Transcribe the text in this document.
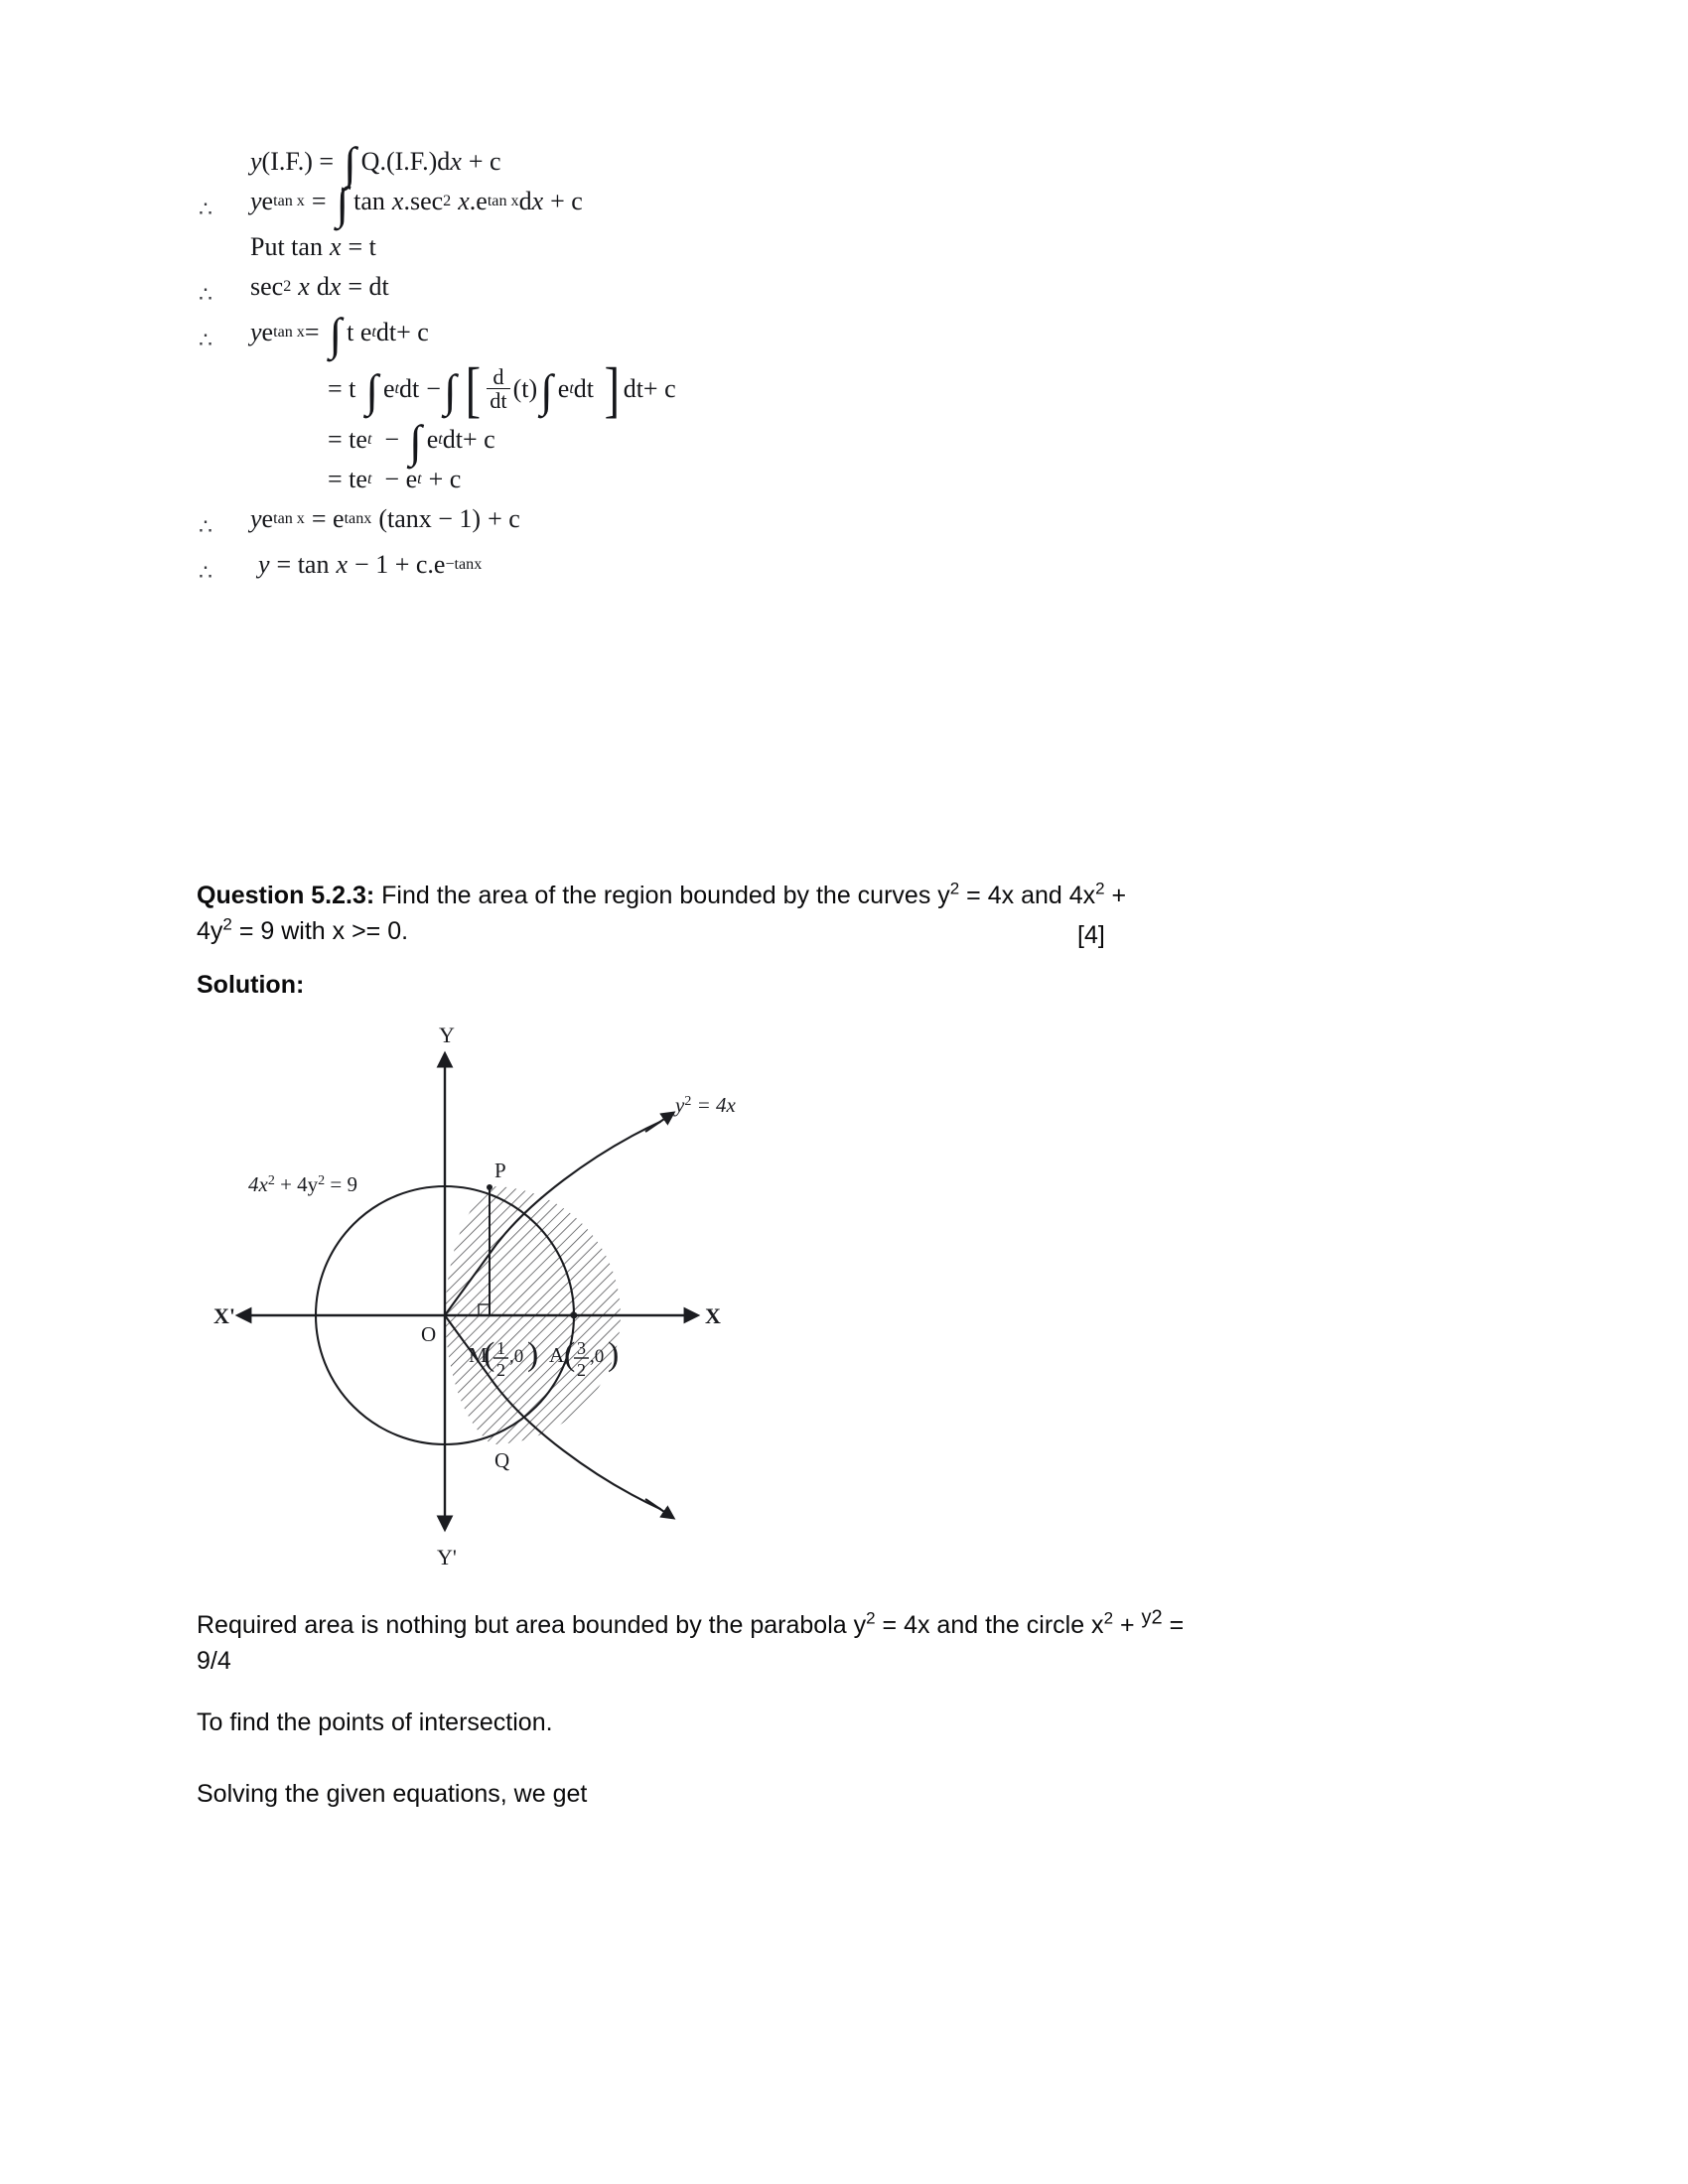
y (I.F.) = ∫ Q.(I.F.)d x + c
∴	y e tan x = ∫ tan x .sec 2 x .e tan x d x + c
Put tan x = t
∴	sec 2 x d x = dt
∴	y e tan x = ∫ t e t dt + c
= t ∫ e t dt − ∫ [ $\frac{d}{dt} (t)$ ∫ e t dt ] dt + c
= te t − ∫ e t dt + c
= te t − e t + c
∴	y e tan x = e tanx (tanx − 1) + c
∴	y = tan x − 1 + c.e −tanx
Question 5.2.3: Find the area of the region bounded by the curves $y^2 = 4x$ and $4x^2$ +
$4y^2 = 9$ with x >= 0.	[4]
Solution:
Y
Y'
X
X'
O
P
Q
$4x^2 + 4y^2 = 9$
$y^2 = 4x$
M
( 1
2
,0 ) A ( 3
2
,0 )
Required area is nothing but area bounded by the parabola $y^2 = 4x$ and the circle $x^2 + ^{y2}$ =
9/4
To find the points of intersection.
Solving the given equations, we get
